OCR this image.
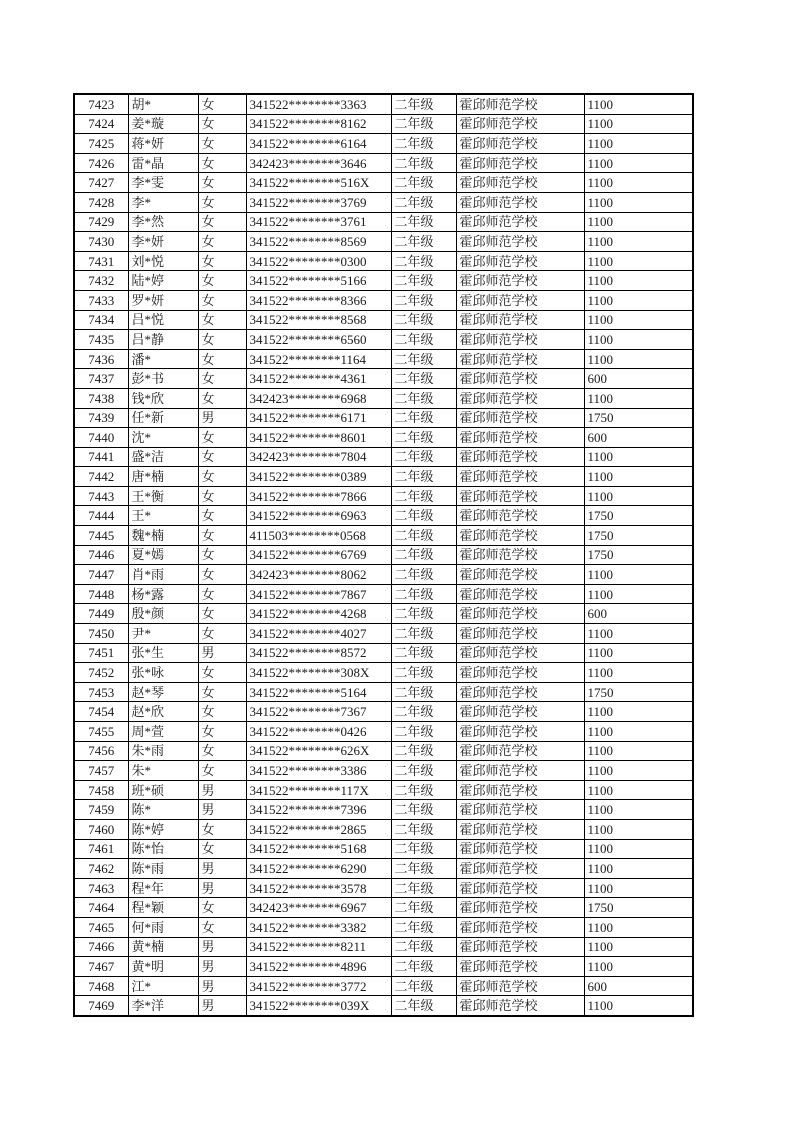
7423	胡*	女	341522********3363	二年级	霍邱师范学校	1100
7424	姜*璇	女	341522********8162	二年级	霍邱师范学校	1100
7425	蒋*妍	女	341522********6164	二年级	霍邱师范学校	1100
7426	雷*晶	女	342423********3646	二年级	霍邱师范学校	1100
7427	李*雯	女	341522********516X	二年级	霍邱师范学校	1100
7428	李*	女	341522********3769	二年级	霍邱师范学校	1100
7429	李*然	女	341522********3761	二年级	霍邱师范学校	1100
7430	李*妍	女	341522********8569	二年级	霍邱师范学校	1100
7431	刘*悦	女	341522********0300	二年级	霍邱师范学校	1100
7432	陆*婷	女	341522********5166	二年级	霍邱师范学校	1100
7433	罗*妍	女	341522********8366	二年级	霍邱师范学校	1100
7434	吕*悦	女	341522********8568	二年级	霍邱师范学校	1100
7435	吕*静	女	341522********6560	二年级	霍邱师范学校	1100
7436	潘*	女	341522********1164	二年级	霍邱师范学校	1100
7437	彭*书	女	341522********4361	二年级	霍邱师范学校	600
7438	钱*欣	女	342423********6968	二年级	霍邱师范学校	1100
7439	任*新	男	341522********6171	二年级	霍邱师范学校	1750
7440	沈*	女	341522********8601	二年级	霍邱师范学校	600
7441	盛*洁	女	342423********7804	二年级	霍邱师范学校	1100
7442	唐*楠	女	341522********0389	二年级	霍邱师范学校	1100
7443	王*衡	女	341522********7866	二年级	霍邱师范学校	1100
7444	王*	女	341522********6963	二年级	霍邱师范学校	1750
7445	魏*楠	女	411503********0568	二年级	霍邱师范学校	1750
7446	夏*嫣	女	341522********6769	二年级	霍邱师范学校	1750
7447	肖*雨	女	342423********8062	二年级	霍邱师范学校	1100
7448	杨*露	女	341522********7867	二年级	霍邱师范学校	1100
7449	殷*颜	女	341522********4268	二年级	霍邱师范学校	600
7450	尹*	女	341522********4027	二年级	霍邱师范学校	1100
7451	张*生	男	341522********8572	二年级	霍邱师范学校	1100
7452	张*咏	女	341522********308X	二年级	霍邱师范学校	1100
7453	赵*琴	女	341522********5164	二年级	霍邱师范学校	1750
7454	赵*欣	女	341522********7367	二年级	霍邱师范学校	1100
7455	周*萱	女	341522********0426	二年级	霍邱师范学校	1100
7456	朱*雨	女	341522********626X	二年级	霍邱师范学校	1100
7457	朱*	女	341522********3386	二年级	霍邱师范学校	1100
7458	班*硕	男	341522********117X	二年级	霍邱师范学校	1100
7459	陈*	男	341522********7396	二年级	霍邱师范学校	1100
7460	陈*婷	女	341522********2865	二年级	霍邱师范学校	1100
7461	陈*怡	女	341522********5168	二年级	霍邱师范学校	1100
7462	陈*雨	男	341522********6290	二年级	霍邱师范学校	1100
7463	程*年	男	341522********3578	二年级	霍邱师范学校	1100
7464	程*颖	女	342423********6967	二年级	霍邱师范学校	1750
7465	何*雨	女	341522********3382	二年级	霍邱师范学校	1100
7466	黄*楠	男	341522********8211	二年级	霍邱师范学校	1100
7467	黄*明	男	341522********4896	二年级	霍邱师范学校	1100
7468	江*	男	341522********3772	二年级	霍邱师范学校	600
7469	李*洋	男	341522********039X	二年级	霍邱师范学校	1100
